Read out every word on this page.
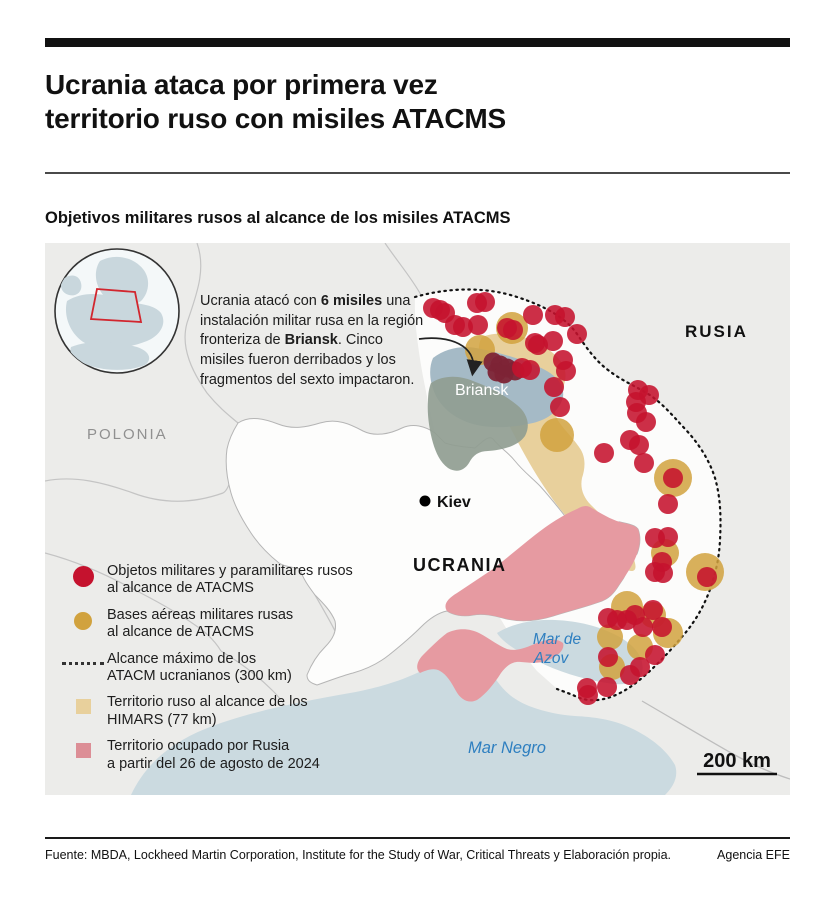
Ucrania ataca por primera vez
territorio ruso con misiles ATACMS
Objetivos militares rusos al alcance de los misiles ATACMS
POLONIA
RUSIA
Briansk
Kiev
UCRANIA
Mar de
Azov
Mar Negro
200 km
Ucrania atacó con 6 misiles una instalación militar rusa en la región fronteriza de Briansk. Cinco misiles fueron derribados y los fragmentos del sexto impactaron.
Objetos militares y paramilitares rusos
al alcance de ATACMS
Bases aéreas militares rusas
al alcance de ATACMS
Alcance máximo de los
ATACM ucranianos (300 km)
Territorio ruso al alcance de los
HIMARS (77 km)
Territorio ocupado por Rusia
a partir del 26 de agosto de 2024
Fuente: MBDA, Lockheed Martin Corporation, Institute for the Study of War, Critical Threats y Elaboración propia.	Agencia EFE
